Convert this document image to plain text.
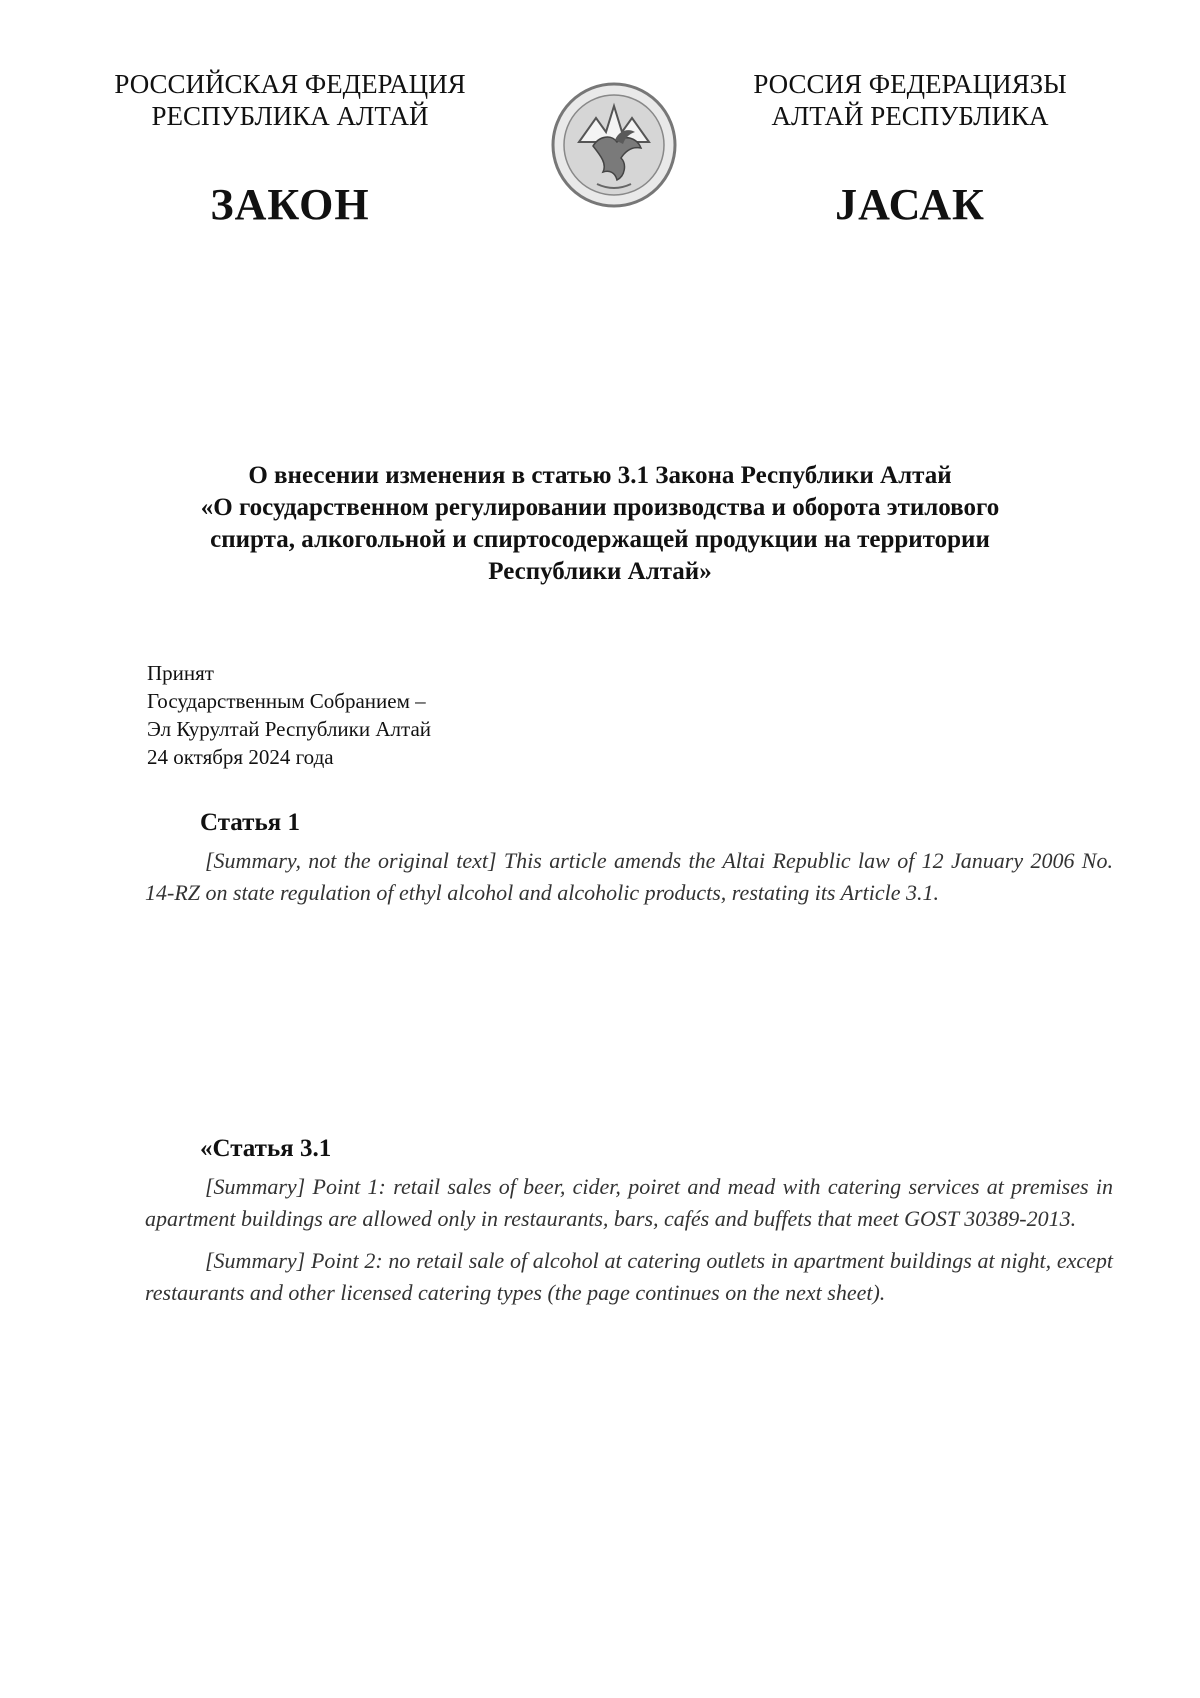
РОССИЙСКАЯ ФЕДЕРАЦИЯ
РЕСПУБЛИКА АЛТАЙ
ЗАКОН
РОССИЯ ФЕДЕРАЦИЯЗЫ
АЛТАЙ РЕСПУБЛИКА
ЈАСАК
О внесении изменения в статью 3.1 Закона Республики Алтай
«О государственном регулировании производства и оборота этилового
спирта, алкогольной и спиртосодержащей продукции на территории
Республики Алтай»
Принят
Государственным Собранием –
Эл Курултай Республики Алтай
24 октября 2024 года
Статья 1

[Summary, not the original text] This article amends the Altai Republic law of 12 January 2006 No. 14-RZ on state regulation of ethyl alcohol and alcoholic products, restating its Article 3.1.

«Статья 3.1

[Summary] Point 1: retail sales of beer, cider, poiret and mead with catering services at premises in apartment buildings are allowed only in restaurants, bars, cafés and buffets that meet GOST 30389-2013.

[Summary] Point 2: no retail sale of alcohol at catering outlets in apartment buildings at night, except restaurants and other licensed catering types (the page continues on the next sheet).
